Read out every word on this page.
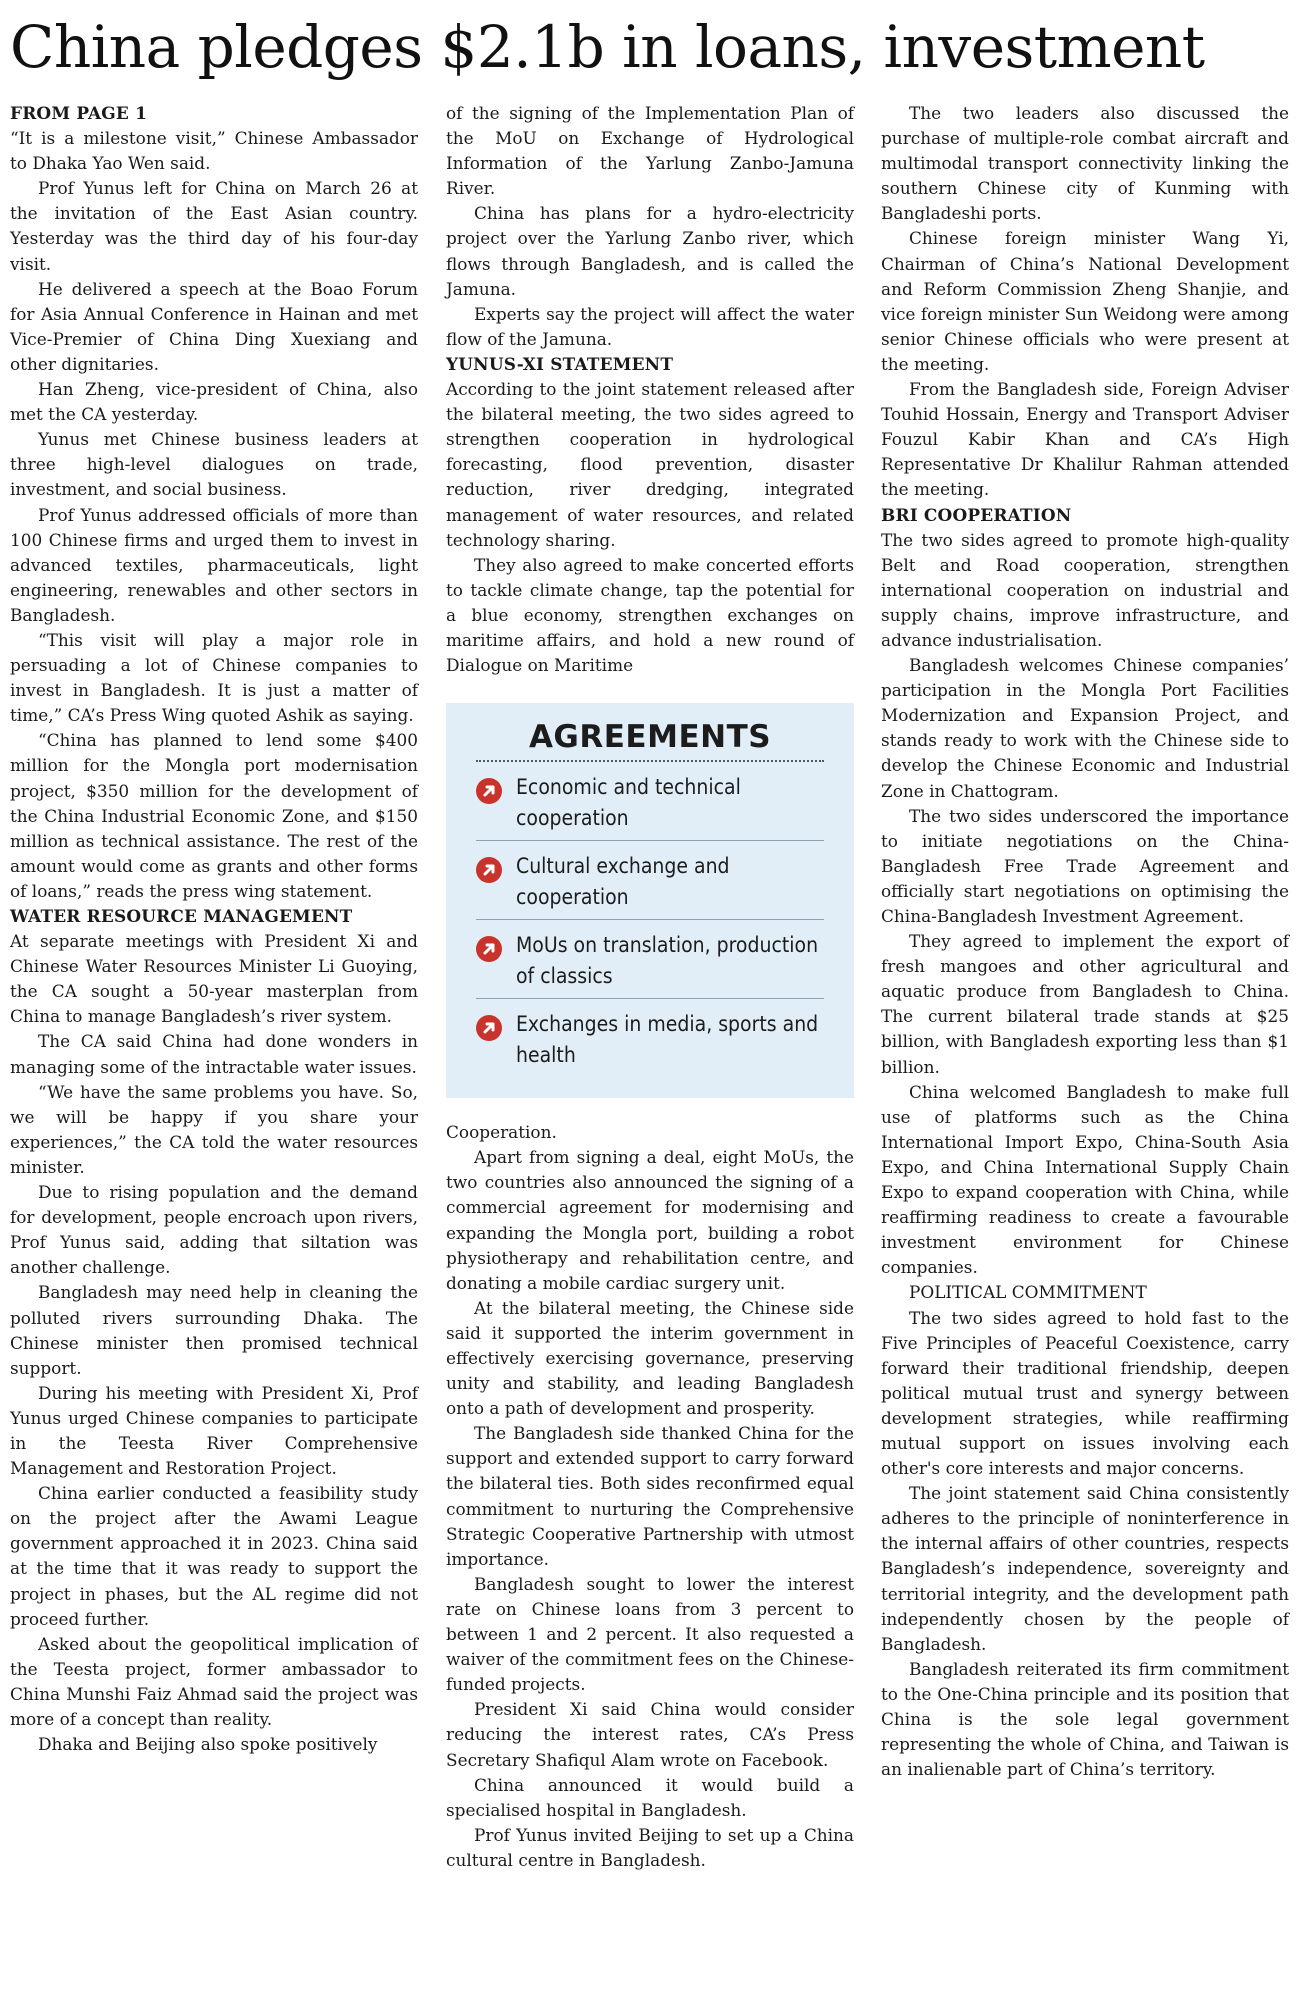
China pledges $2.1b in loans, investment

FROM PAGE 1

“It is a milestone visit,” Chinese Ambassador to Dhaka Yao Wen said.

Prof Yunus left for China on March 26 at the invitation of the East Asian country. Yesterday was the third day of his four-day visit.

He delivered a speech at the Boao Forum for Asia Annual Conference in Hainan and met Vice-Premier of China Ding Xuexiang and other dignitaries.

Han Zheng, vice-president of China, also met the CA yesterday.

Yunus met Chinese business leaders at three high-level dialogues on trade, investment, and social business.

Prof Yunus addressed officials of more than 100 Chinese firms and urged them to invest in advanced textiles, pharmaceuticals, light engineering, renewables and other sectors in Bangladesh.

“This visit will play a major role in persuading a lot of Chinese companies to invest in Bangladesh. It is just a matter of time,” CA’s Press Wing quoted Ashik as saying.

“China has planned to lend some $400 million for the Mongla port modernisation project, $350 million for the development of the China Industrial Economic Zone, and $150 million as technical assistance. The rest of the amount would come as grants and other forms of loans,” reads the press wing statement.

WATER RESOURCE MANAGEMENT

At separate meetings with President Xi and Chinese Water Resources Minister Li Guoying, the CA sought a 50-year masterplan from China to manage Bangladesh’s river system.

The CA said China had done wonders in managing some of the intractable water issues.

“We have the same problems you have. So, we will be happy if you share your experiences,” the CA told the water resources minister.

Due to rising population and the demand for development, people encroach upon rivers, Prof Yunus said, adding that siltation was another challenge.

Bangladesh may need help in cleaning the polluted rivers surrounding Dhaka. The Chinese minister then promised technical support.

During his meeting with President Xi, Prof Yunus urged Chinese companies to participate in the Teesta River Comprehensive Management and Restoration Project.

China earlier conducted a feasibility study on the project after the Awami League government approached it in 2023. China said at the time that it was ready to support the project in phases, but the AL regime did not proceed further.

Asked about the geopolitical implication of the Teesta project, former ambassador to China Munshi Faiz Ahmad said the project was more of a concept than reality.

Dhaka and Beijing also spoke positively

of the signing of the Implementation Plan of the MoU on Exchange of Hydrological Information of the Yarlung Zanbo-Jamuna River.

China has plans for a hydro-electricity project over the Yarlung Zanbo river, which flows through Bangladesh, and is called the Jamuna.

Experts say the project will affect the water flow of the Jamuna.

YUNUS-XI STATEMENT

According to the joint statement released after the bilateral meeting, the two sides agreed to strengthen cooperation in hydrological forecasting, flood prevention, disaster reduction, river dredging, integrated management of water resources, and related technology sharing.

They also agreed to make concerted efforts to tackle climate change, tap the potential for a blue economy, strengthen exchanges on maritime affairs, and hold a new round of Dialogue on Maritime

AGREEMENTS
Economic and technical cooperation
Cultural exchange and cooperation
MoUs on translation, production of classics
Exchanges in media, sports and health

Cooperation.

Apart from signing a deal, eight MoUs, the two countries also announced the signing of a commercial agreement for modernising and expanding the Mongla port, building a robot physiotherapy and rehabilitation centre, and donating a mobile cardiac surgery unit.

At the bilateral meeting, the Chinese side said it supported the interim government in effectively exercising governance, preserving unity and stability, and leading Bangladesh onto a path of development and prosperity.

The Bangladesh side thanked China for the support and extended support to carry forward the bilateral ties. Both sides reconfirmed equal commitment to nurturing the Comprehensive Strategic Cooperative Partnership with utmost importance.

Bangladesh sought to lower the interest rate on Chinese loans from 3 percent to between 1 and 2 percent. It also requested a waiver of the commitment fees on the Chinese-funded projects.

President Xi said China would consider reducing the interest rates, CA’s Press Secretary Shafiqul Alam wrote on Facebook.

China announced it would build a specialised hospital in Bangladesh.

Prof Yunus invited Beijing to set up a China cultural centre in Bangladesh.

The two leaders also discussed the purchase of multiple-role combat aircraft and multimodal transport connectivity linking the southern Chinese city of Kunming with Bangladeshi ports.

Chinese foreign minister Wang Yi, Chairman of China’s National Development and Reform Commission Zheng Shanjie, and vice foreign minister Sun Weidong were among senior Chinese officials who were present at the meeting.

From the Bangladesh side, Foreign Adviser Touhid Hossain, Energy and Transport Adviser Fouzul Kabir Khan and CA’s High Representative Dr Khalilur Rahman attended the meeting.

BRI COOPERATION

The two sides agreed to promote high-quality Belt and Road cooperation, strengthen international cooperation on industrial and supply chains, improve infrastructure, and advance industrialisation.

Bangladesh welcomes Chinese companies’ participation in the Mongla Port Facilities Modernization and Expansion Project, and stands ready to work with the Chinese side to develop the Chinese Economic and Industrial Zone in Chattogram.

The two sides underscored the importance to initiate negotiations on the China-Bangladesh Free Trade Agreement and officially start negotiations on optimising the China-Bangladesh Investment Agreement.

They agreed to implement the export of fresh mangoes and other agricultural and aquatic produce from Bangladesh to China. The current bilateral trade stands at $25 billion, with Bangladesh exporting less than $1 billion.

China welcomed Bangladesh to make full use of platforms such as the China International Import Expo, China-South Asia Expo, and China International Supply Chain Expo to expand cooperation with China, while reaffirming readiness to create a favourable investment environment for Chinese companies.

POLITICAL COMMITMENT

The two sides agreed to hold fast to the Five Principles of Peaceful Coexistence, carry forward their traditional friendship, deepen political mutual trust and synergy between development strategies, while reaffirming mutual support on issues involving each other's core interests and major concerns.

The joint statement said China consistently adheres to the principle of noninterference in the internal affairs of other countries, respects Bangladesh’s independence, sovereignty and territorial integrity, and the development path independently chosen by the people of Bangladesh.

Bangladesh reiterated its firm commitment to the One-China principle and its position that China is the sole legal government representing the whole of China, and Taiwan is an inalienable part of China’s territory.
